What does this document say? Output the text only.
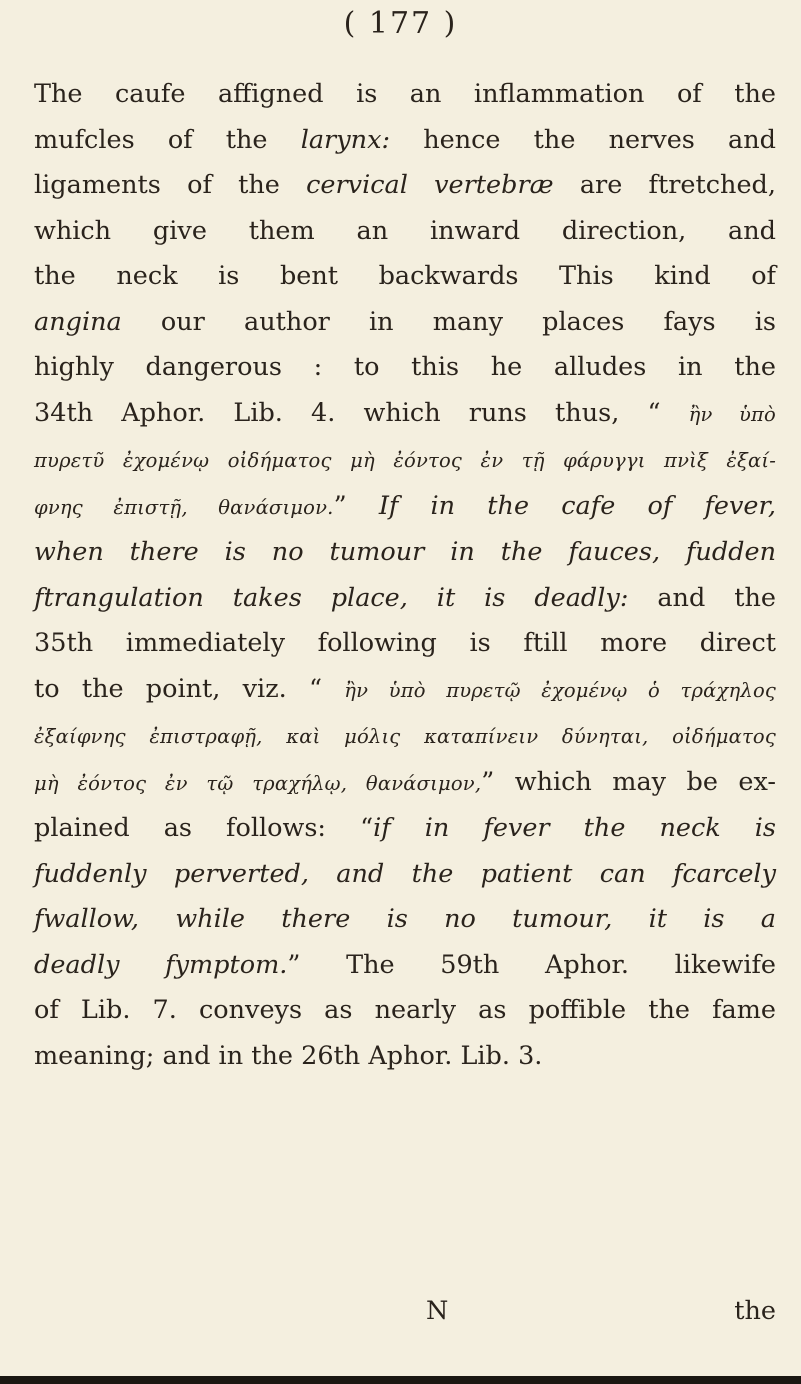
( 177 )
The caufe affigned is an inflammation of the
mufcles of the larynx: hence the nerves and
ligaments of the cervical vertebræ are ftretched,
which give them an inward direction, and
the neck is bent backwards This kind of
angina our author in many places fays is
highly dangerous : to this he alludes in the
34th Aphor. Lib. 4. which runs thus, “ ἢν ὑπὸ
πυρετῦ ἐχομένῳ οἰδήματος μὴ ἐόντος ἐν τῇ φάρυγγι πνὶξ ἐξαί-
φνης ἐπιστῇ, θανάσιμον.” If in the cafe of fever,
when there is no tumour in the fauces, fudden
ftrangulation takes place, it is deadly: and the
35th immediately following is ftill more direct
to the point, viz. “ ἢν ὑπὸ πυρετῷ ἐχομένῳ ὁ τράχηλος
ἐξαίφνης ἐπιστραφῇ, καὶ μόλις καταπίνειν δύνηται, οἰδήματος
μὴ ἐόντος ἐν τῷ τραχήλῳ, θανάσιμον,” which may be ex-
plained as follows: “if in fever the neck is
fuddenly perverted, and the patient can fcarcely
fwallow, while there is no tumour, it is a
deadly fymptom.” The 59th Aphor. likewife
of Lib. 7. conveys as nearly as poffible the fame
meaning; and in the 26th Aphor. Lib. 3.
N	the
